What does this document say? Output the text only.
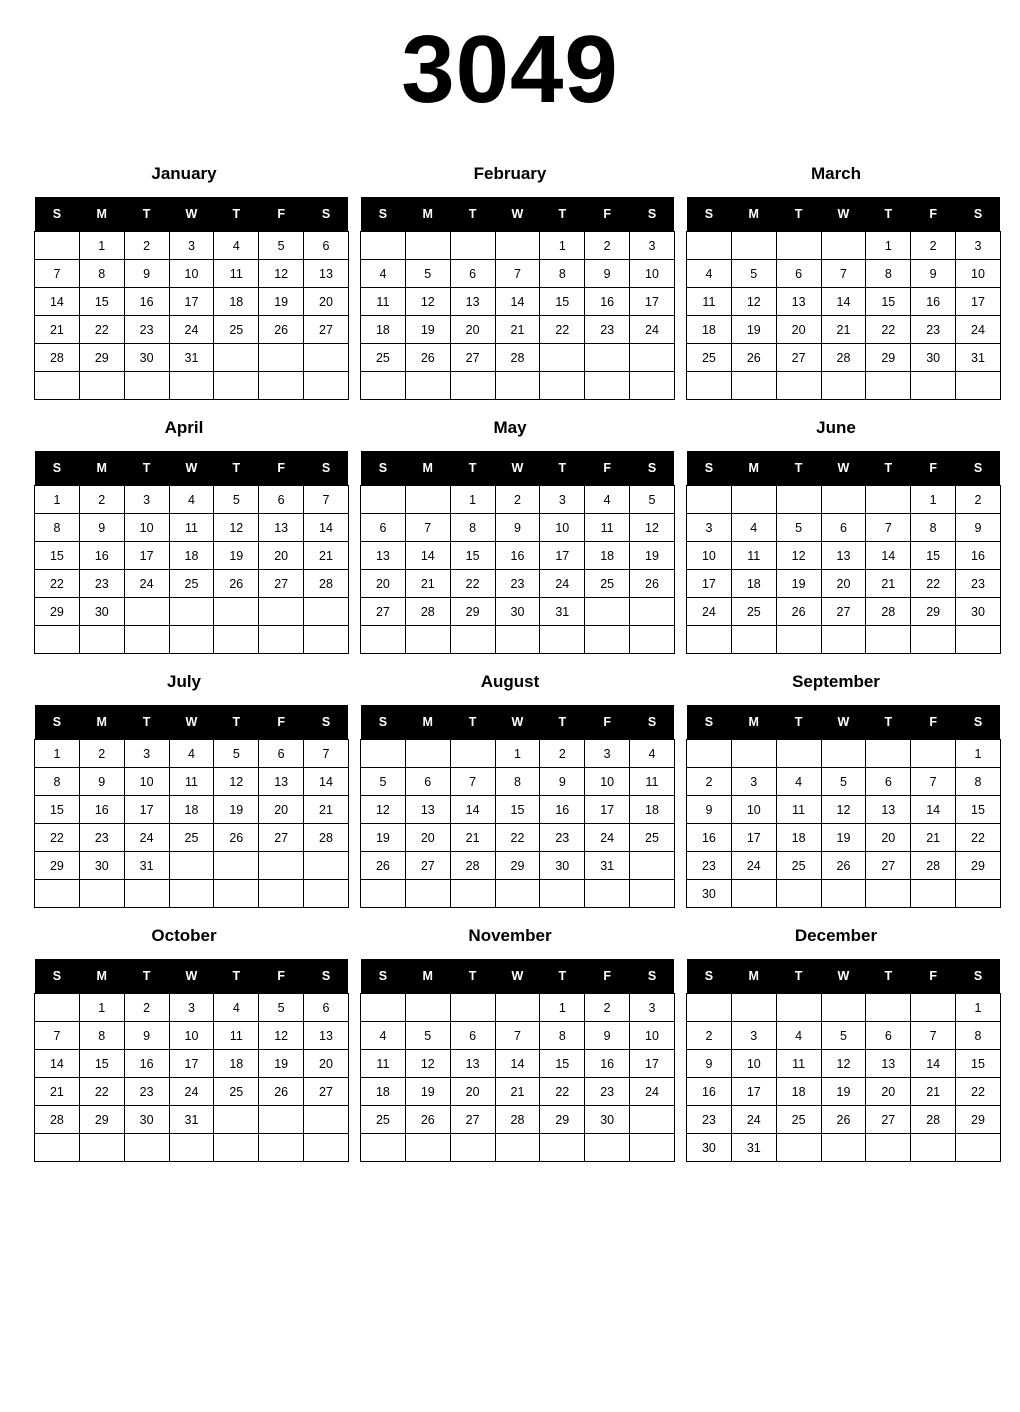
3049
January
S	M	T	W	T	F	S
	1	2	3	4	5	6
7	8	9	10	11	12	13
14	15	16	17	18	19	20
21	22	23	24	25	26	27
28	29	30	31			

February
S	M	T	W	T	F	S
				1	2	3
4	5	6	7	8	9	10
11	12	13	14	15	16	17
18	19	20	21	22	23	24
25	26	27	28			

March
S	M	T	W	T	F	S
				1	2	3
4	5	6	7	8	9	10
11	12	13	14	15	16	17
18	19	20	21	22	23	24
25	26	27	28	29	30	31

April
S	M	T	W	T	F	S
1	2	3	4	5	6	7
8	9	10	11	12	13	14
15	16	17	18	19	20	21
22	23	24	25	26	27	28
29	30					

May
S	M	T	W	T	F	S
		1	2	3	4	5
6	7	8	9	10	11	12
13	14	15	16	17	18	19
20	21	22	23	24	25	26
27	28	29	30	31		

June
S	M	T	W	T	F	S
					1	2
3	4	5	6	7	8	9
10	11	12	13	14	15	16
17	18	19	20	21	22	23
24	25	26	27	28	29	30

July
S	M	T	W	T	F	S
1	2	3	4	5	6	7
8	9	10	11	12	13	14
15	16	17	18	19	20	21
22	23	24	25	26	27	28
29	30	31				

August
S	M	T	W	T	F	S
			1	2	3	4
5	6	7	8	9	10	11
12	13	14	15	16	17	18
19	20	21	22	23	24	25
26	27	28	29	30	31	

September
S	M	T	W	T	F	S
						1
2	3	4	5	6	7	8
9	10	11	12	13	14	15
16	17	18	19	20	21	22
23	24	25	26	27	28	29
30						
October
S	M	T	W	T	F	S
	1	2	3	4	5	6
7	8	9	10	11	12	13
14	15	16	17	18	19	20
21	22	23	24	25	26	27
28	29	30	31			

November
S	M	T	W	T	F	S
				1	2	3
4	5	6	7	8	9	10
11	12	13	14	15	16	17
18	19	20	21	22	23	24
25	26	27	28	29	30	

December
S	M	T	W	T	F	S
						1
2	3	4	5	6	7	8
9	10	11	12	13	14	15
16	17	18	19	20	21	22
23	24	25	26	27	28	29
30	31					
